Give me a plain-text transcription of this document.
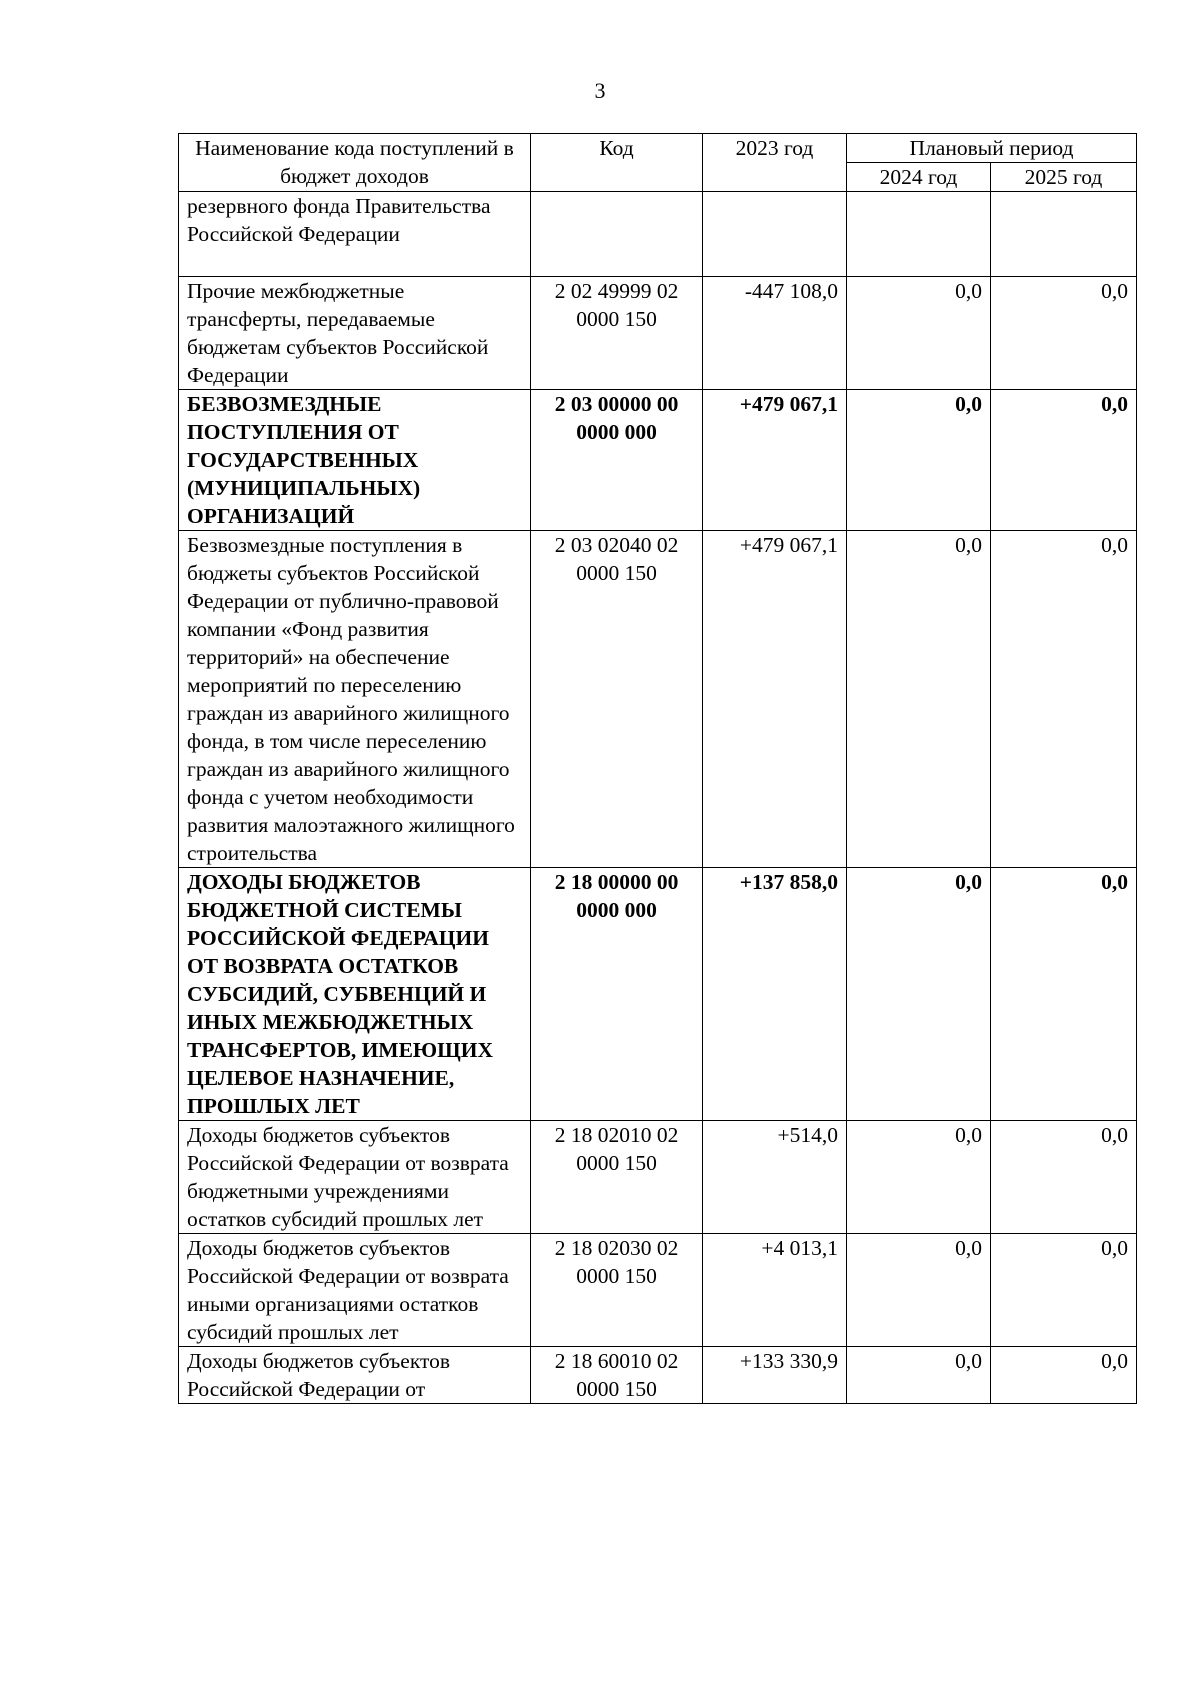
3
Наименование кода поступлений в бюджет доходов	Код	2023 год	Плановый период	
			2024 год	2025 год
резервного фонда Правительства Российской Федерации				
Прочие межбюджетные трансферты, передаваемые бюджетам субъектов Российской Федерации	2 02 49999 02 0000 150	-447 108,0	0,0	0,0
БЕЗВОЗМЕЗДНЫЕ ПОСТУПЛЕНИЯ ОТ ГОСУДАРСТВЕННЫХ (МУНИЦИПАЛЬНЫХ) ОРГАНИЗАЦИЙ	2 03 00000 00 0000 000	+479 067,1	0,0	0,0
Безвозмездные поступления в бюджеты субъектов Российской Федерации от публично-правовой компании «Фонд развития территорий» на обеспечение мероприятий по переселению граждан из аварийного жилищного фонда, в том числе переселению граждан из аварийного жилищного фонда с учетом необходимости развития малоэтажного жилищного строительства	2 03 02040 02 0000 150	+479 067,1	0,0	0,0
ДОХОДЫ БЮДЖЕТОВ БЮДЖЕТНОЙ СИСТЕМЫ РОССИЙСКОЙ ФЕДЕРАЦИИ ОТ ВОЗВРАТА ОСТАТКОВ СУБСИДИЙ, СУБВЕНЦИЙ И ИНЫХ МЕЖБЮДЖЕТНЫХ ТРАНСФЕРТОВ, ИМЕЮЩИХ ЦЕЛЕВОЕ НАЗНАЧЕНИЕ, ПРОШЛЫХ ЛЕТ	2 18 00000 00 0000 000	+137 858,0	0,0	0,0
Доходы бюджетов субъектов Российской Федерации от возврата бюджетными учреждениями остатков субсидий прошлых лет	2 18 02010 02 0000 150	+514,0	0,0	0,0
Доходы бюджетов субъектов Российской Федерации от возврата иными организациями остатков субсидий прошлых лет	2 18 02030 02 0000 150	+4 013,1	0,0	0,0
Доходы бюджетов субъектов Российской Федерации от	2 18 60010 02 0000 150	+133 330,9	0,0	0,0
